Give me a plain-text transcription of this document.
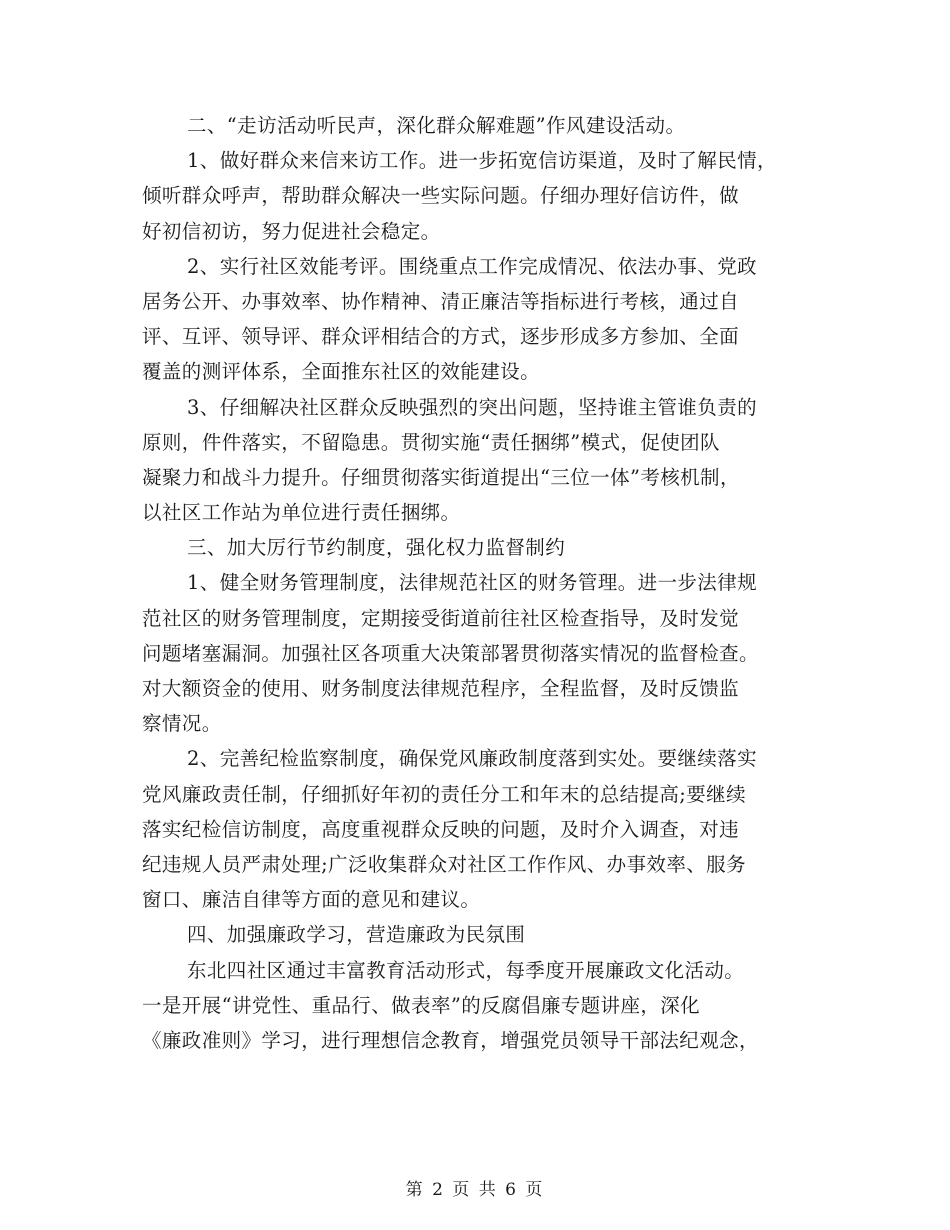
二、“走访活动听民声，深化群众解难题”作风建设活动。
1、做好群众来信来访工作。进一步拓宽信访渠道，及时了解民情，
倾听群众呼声，帮助群众解决一些实际问题。仔细办理好信访件，做
好初信初访，努力促进社会稳定。
2、实行社区效能考评。围绕重点工作完成情况、依法办事、党政
居务公开、办事效率、协作精神、清正廉洁等指标进行考核，通过自
评、互评、领导评、群众评相结合的方式，逐步形成多方参加、全面
覆盖的测评体系，全面推东社区的效能建设。
3、仔细解决社区群众反映强烈的突出问题，坚持谁主管谁负责的
原则，件件落实，不留隐患。贯彻实施“责任捆绑”模式，促使团队
凝聚力和战斗力提升。仔细贯彻落实街道提出“三位一体”考核机制，
以社区工作站为单位进行责任捆绑。
三、加大厉行节约制度，强化权力监督制约
1、健全财务管理制度，法律规范社区的财务管理。进一步法律规
范社区的财务管理制度，定期接受街道前往社区检查指导，及时发觉
问题堵塞漏洞。加强社区各项重大决策部署贯彻落实情况的监督检查。
对大额资金的使用、财务制度法律规范程序，全程监督，及时反馈监
察情况。
2、完善纪检监察制度，确保党风廉政制度落到实处。要继续落实
党风廉政责任制，仔细抓好年初的责任分工和年末的总结提高;要继续
落实纪检信访制度，高度重视群众反映的问题，及时介入调查，对违
纪违规人员严肃处理;广泛收集群众对社区工作作风、办事效率、服务
窗口、廉洁自律等方面的意见和建议。
四、加强廉政学习，营造廉政为民氛围
东北四社区通过丰富教育活动形式，每季度开展廉政文化活动。
一是开展“讲党性、重品行、做表率”的反腐倡廉专题讲座，深化
《廉政准则》学习，进行理想信念教育，增强党员领导干部法纪观念，
第 2 页 共 6 页
